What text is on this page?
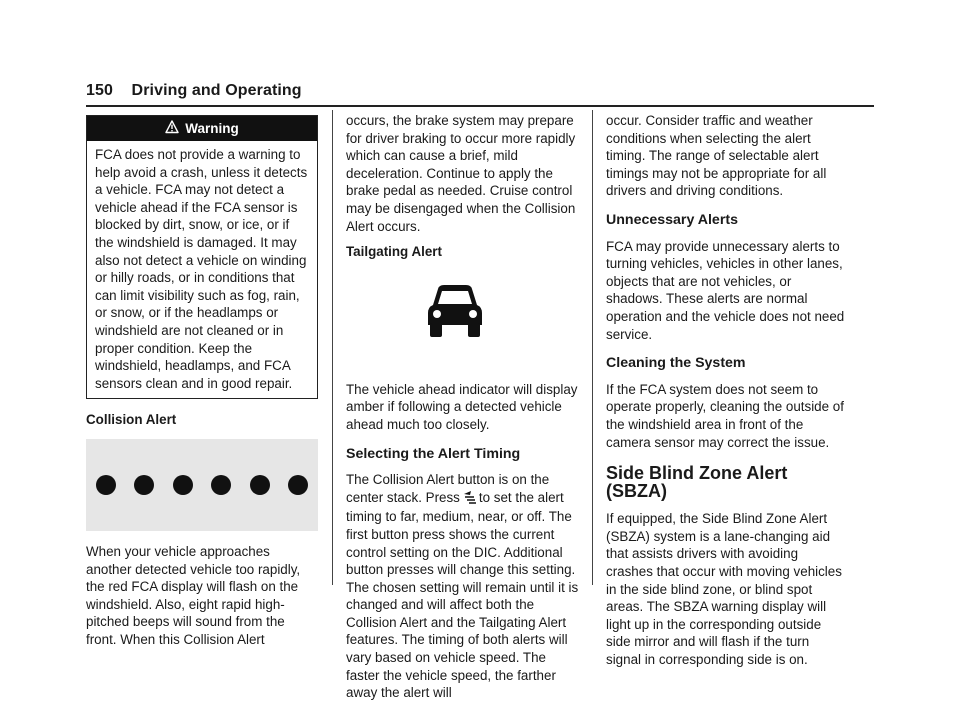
150 Driving and Operating
Warning
FCA does not provide a warning to help avoid a crash, unless it detects a vehicle. FCA may not detect a vehicle ahead if the FCA sensor is blocked by dirt, snow, or ice, or if the windshield is damaged. It may also not detect a vehicle on winding or hilly roads, or in conditions that can limit visibility such as fog, rain, or snow, or if the headlamps or windshield are not cleaned or in proper condition. Keep the windshield, headlamps, and FCA sensors clean and in good repair.
Collision Alert

When your vehicle approaches another detected vehicle too rapidly, the red FCA display will flash on the windshield. Also, eight rapid high-pitched beeps will sound from the front. When this Collision Alert

occurs, the brake system may prepare for driver braking to occur more rapidly which can cause a brief, mild deceleration. Continue to apply the brake pedal as needed. Cruise control may be disengaged when the Collision Alert occurs.

Tailgating Alert

The vehicle ahead indicator will display amber if following a detected vehicle ahead much too closely.

Selecting the Alert Timing

The Collision Alert button is on the center stack. Press to set the alert timing to far, medium, near, or off. The first button press shows the current control setting on the DIC. Additional button presses will change this setting. The chosen setting will remain until it is changed and will affect both the Collision Alert and the Tailgating Alert features. The timing of both alerts will vary based on vehicle speed. The faster the vehicle speed, the farther away the alert will

occur. Consider traffic and weather conditions when selecting the alert timing. The range of selectable alert timings may not be appropriate for all drivers and driving conditions.

Unnecessary Alerts

FCA may provide unnecessary alerts to turning vehicles, vehicles in other lanes, objects that are not vehicles, or shadows. These alerts are normal operation and the vehicle does not need service.

Cleaning the System

If the FCA system does not seem to operate properly, cleaning the outside of the windshield area in front of the camera sensor may correct the issue.

Side Blind Zone Alert (SBZA)

If equipped, the Side Blind Zone Alert (SBZA) system is a lane-changing aid that assists drivers with avoiding crashes that occur with moving vehicles in the side blind zone, or blind spot areas. The SBZA warning display will light up in the corresponding outside side mirror and will flash if the turn signal in corresponding side is on.
